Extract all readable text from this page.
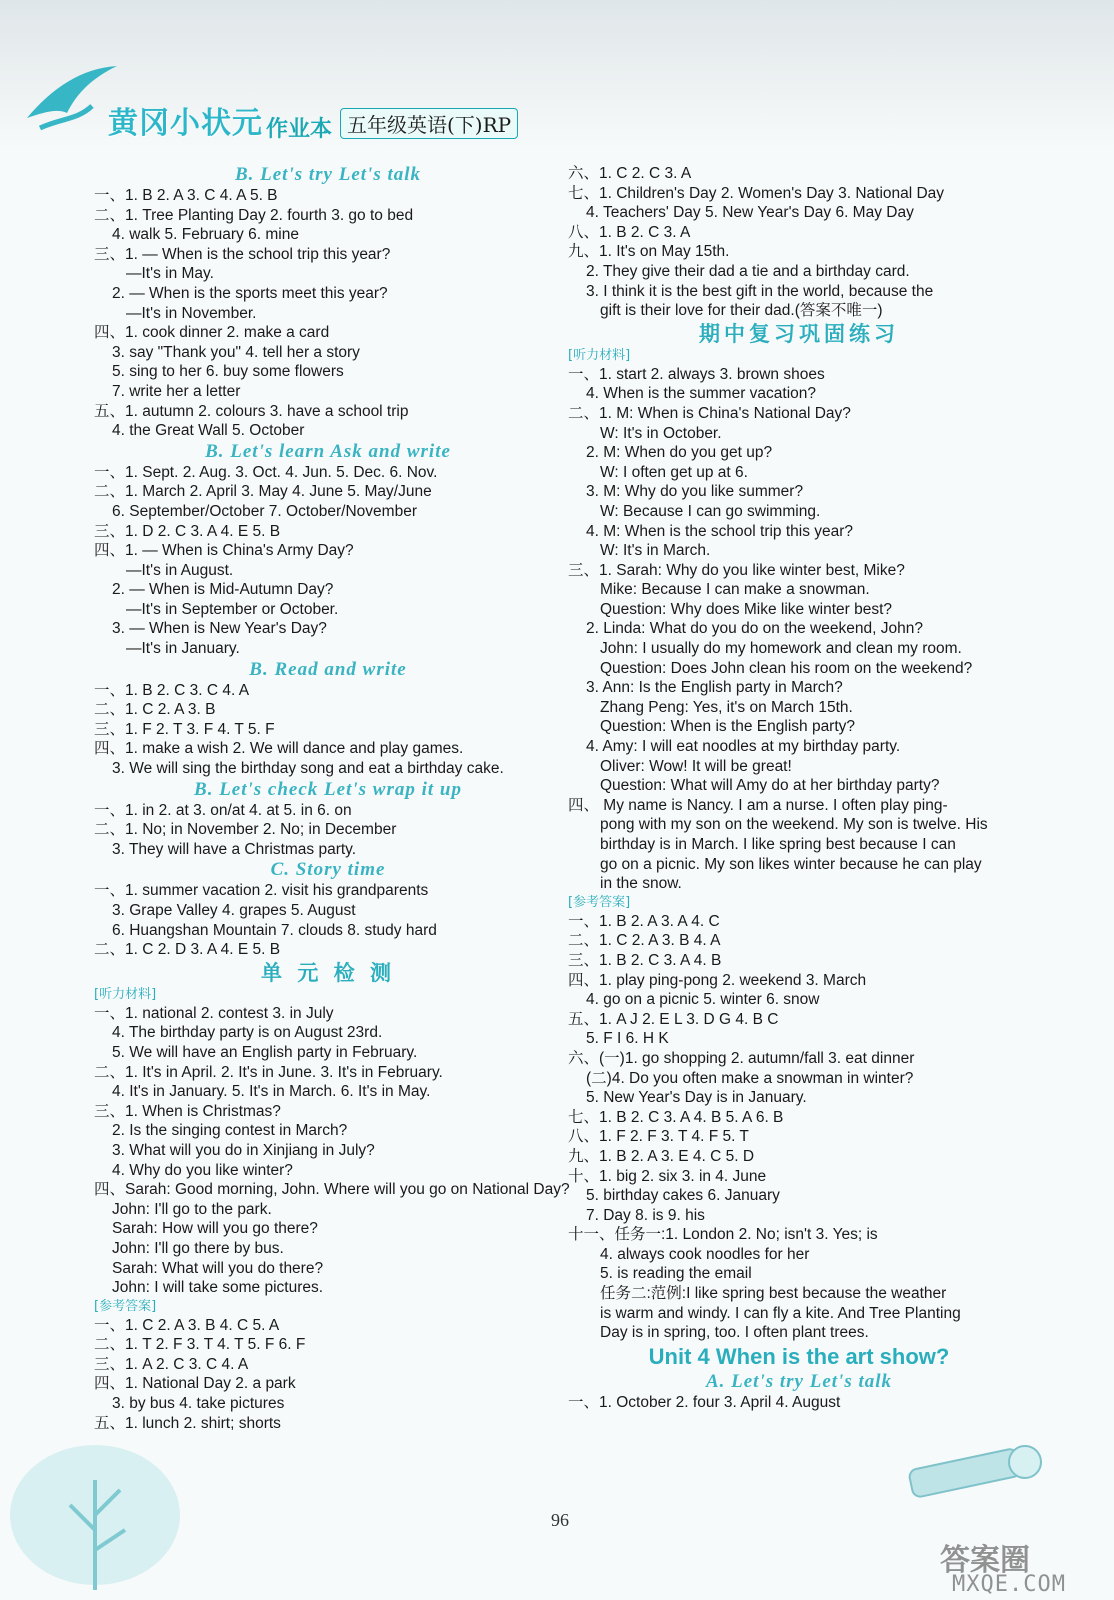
黄冈小状元 作业本 五年级英语(下)RP
B. Let's try Let's talk
一、1. B 2. A 3. C 4. A 5. B
二、1. Tree Planting Day 2. fourth 3. go to bed
4. walk 5. February 6. mine
三、1. — When is the school trip this year?
—It's in May.
2. — When is the sports meet this year?
—It's in November.
四、1. cook dinner 2. make a card
3. say "Thank you" 4. tell her a story
5. sing to her 6. buy some flowers
7. write her a letter
五、1. autumn 2. colours 3. have a school trip
4. the Great Wall 5. October
B. Let's learn Ask and write
一、1. Sept. 2. Aug. 3. Oct. 4. Jun. 5. Dec. 6. Nov.
二、1. March 2. April 3. May 4. June 5. May/June
6. September/October 7. October/November
三、1. D 2. C 3. A 4. E 5. B
四、1. — When is China's Army Day?
—It's in August.
2. — When is Mid-Autumn Day?
—It's in September or October.
3. — When is New Year's Day?
—It's in January.
B. Read and write
一、1. B 2. C 3. C 4. A
二、1. C 2. A 3. B
三、1. F 2. T 3. F 4. T 5. F
四、1. make a wish 2. We will dance and play games.
3. We will sing the birthday song and eat a birthday cake.
B. Let's check Let's wrap it up
一、1. in 2. at 3. on/at 4. at 5. in 6. on
二、1. No; in November 2. No; in December
3. They will have a Christmas party.
C. Story time
一、1. summer vacation 2. visit his grandparents
3. Grape Valley 4. grapes 5. August
6. Huangshan Mountain 7. clouds 8. study hard
二、1. C 2. D 3. A 4. E 5. B
单 元 检 测
[听力材料]
一、1. national 2. contest 3. in July
4. The birthday party is on August 23rd.
5. We will have an English party in February.
二、1. It's in April. 2. It's in June. 3. It's in February.
4. It's in January. 5. It's in March. 6. It's in May.
三、1. When is Christmas?
2. Is the singing contest in March?
3. What will you do in Xinjiang in July?
4. Why do you like winter?
四、Sarah: Good morning, John. Where will you go on National Day?
John: I'll go to the park.
Sarah: How will you go there?
John: I'll go there by bus.
Sarah: What will you do there?
John: I will take some pictures.
[参考答案]
一、1. C 2. A 3. B 4. C 5. A
二、1. T 2. F 3. T 4. T 5. F 6. F
三、1. A 2. C 3. C 4. A
四、1. National Day 2. a park
3. by bus 4. take pictures
五、1. lunch 2. shirt; shorts
六、1. C 2. C 3. A
七、1. Children's Day 2. Women's Day 3. National Day
4. Teachers' Day 5. New Year's Day 6. May Day
八、1. B 2. C 3. A
九、1. It's on May 15th.
2. They give their dad a tie and a birthday card.
3. I think it is the best gift in the world, because the
gift is their love for their dad.(答案不唯一)
期中复习巩固练习
[听力材料]
一、1. start 2. always 3. brown shoes
4. When is the summer vacation?
二、1. M: When is China's National Day?
W: It's in October.
2. M: When do you get up?
W: I often get up at 6.
3. M: Why do you like summer?
W: Because I can go swimming.
4. M: When is the school trip this year?
W: It's in March.
三、1. Sarah: Why do you like winter best, Mike?
Mike: Because I can make a snowman.
Question: Why does Mike like winter best?
2. Linda: What do you do on the weekend, John?
John: I usually do my homework and clean my room.
Question: Does John clean his room on the weekend?
3. Ann: Is the English party in March?
Zhang Peng: Yes, it's on March 15th.
Question: When is the English party?
4. Amy: I will eat noodles at my birthday party.
Oliver: Wow! It will be great!
Question: What will Amy do at her birthday party?
四、 My name is Nancy. I am a nurse. I often play ping-
pong with my son on the weekend. My son is twelve. His
birthday is in March. I like spring best because I can
go on a picnic. My son likes winter because he can play
in the snow.
[参考答案]
一、1. B 2. A 3. A 4. C
二、1. C 2. A 3. B 4. A
三、1. B 2. C 3. A 4. B
四、1. play ping-pong 2. weekend 3. March
4. go on a picnic 5. winter 6. snow
五、1. A J 2. E L 3. D G 4. B C
5. F I 6. H K
六、(一)1. go shopping 2. autumn/fall 3. eat dinner
(二)4. Do you often make a snowman in winter?
5. New Year's Day is in January.
七、1. B 2. C 3. A 4. B 5. A 6. B
八、1. F 2. F 3. T 4. F 5. T
九、1. B 2. A 3. E 4. C 5. D
十、1. big 2. six 3. in 4. June
5. birthday cakes 6. January
7. Day 8. is 9. his
十一、任务一:1. London 2. No; isn't 3. Yes; is
4. always cook noodles for her
5. is reading the email
任务二:范例:I like spring best because the weather
is warm and windy. I can fly a kite. And Tree Planting
Day is in spring, too. I often plant trees.
Unit 4 When is the art show?
A. Let's try Let's talk
一、1. October 2. four 3. April 4. August
96
答案圈
MXQE.COM
